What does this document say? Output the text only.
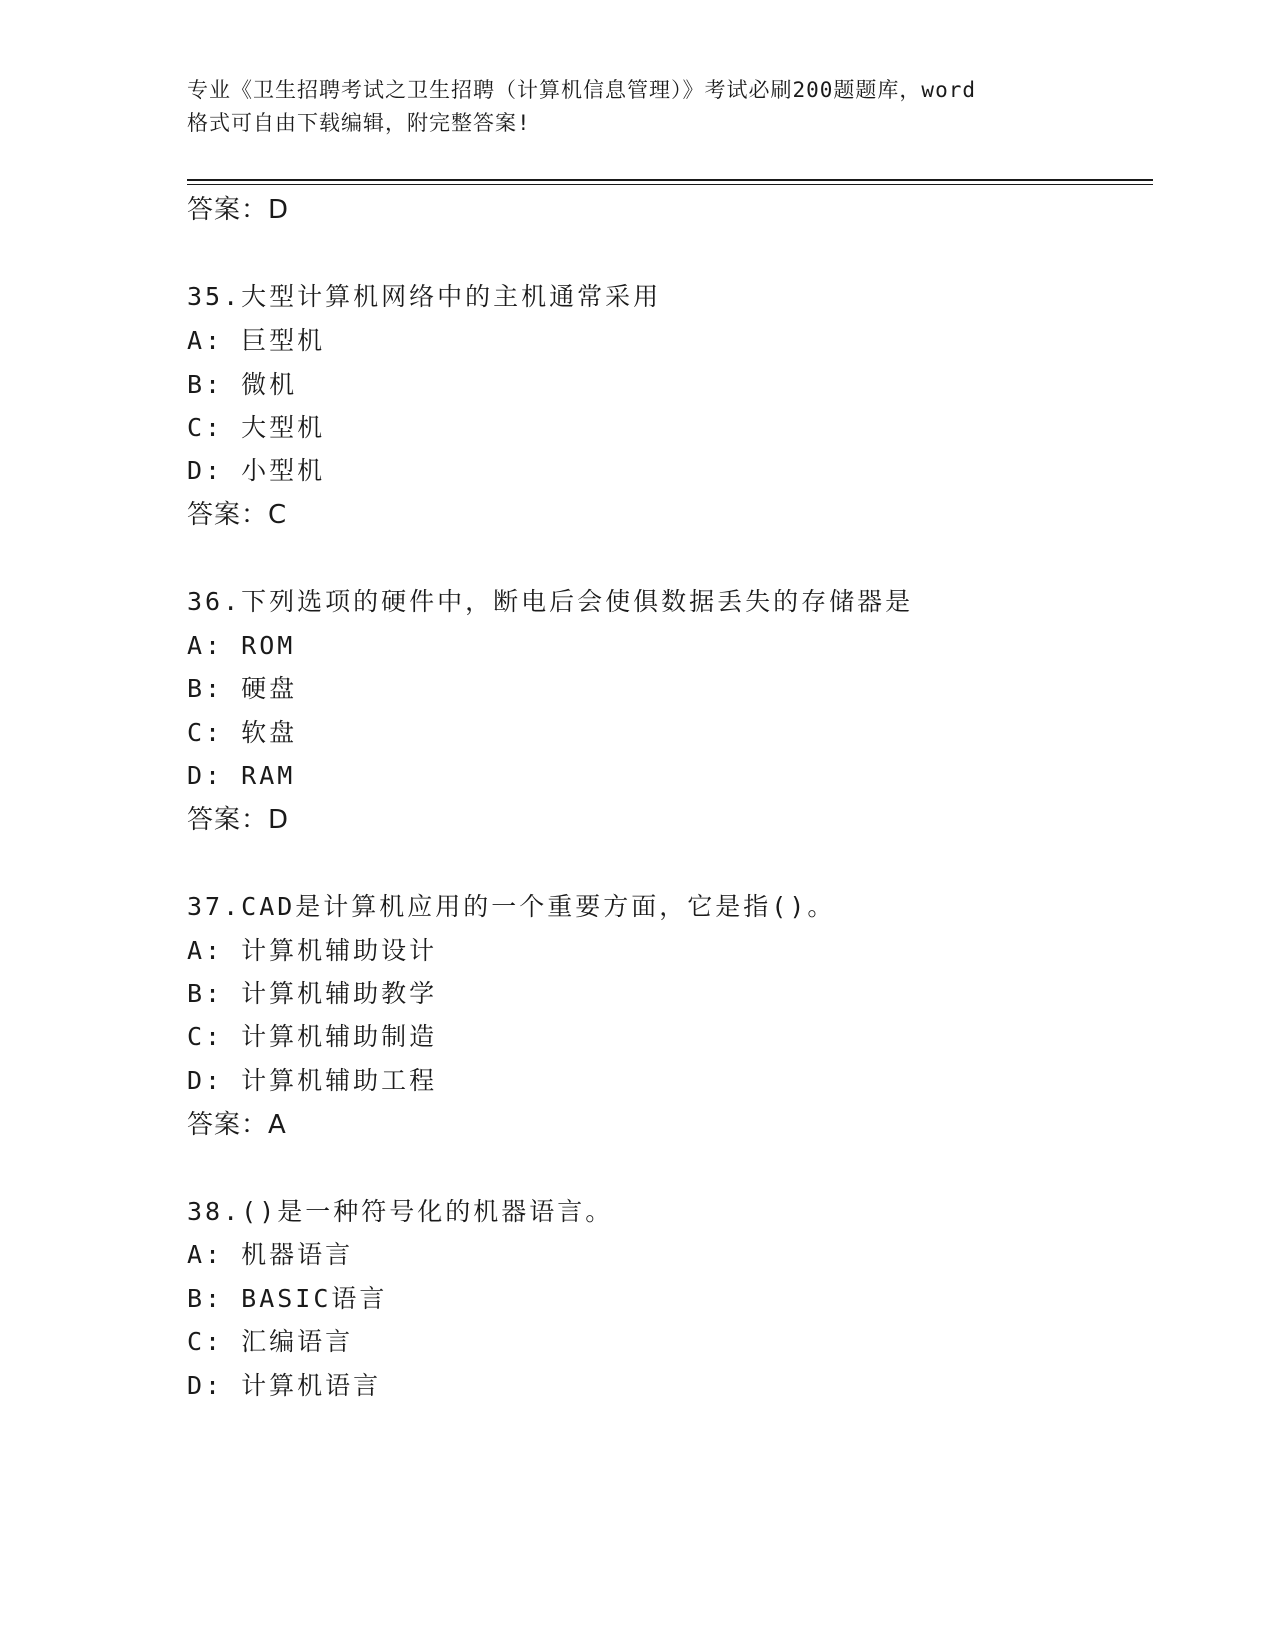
专业《卫生招聘考试之卫生招聘（计算机信息管理）》考试必刷200题题库，word
格式可自由下载编辑，附完整答案!
答案：D
35.大型计算机网络中的主机通常采用
A: 巨型机
B: 微机
C: 大型机
D: 小型机
答案：C
36.下列选项的硬件中，断电后会使俱数据丢失的存储器是
A: ROM
B: 硬盘
C: 软盘
D: RAM
答案：D
37.CAD是计算机应用的一个重要方面，它是指()。
A: 计算机辅助设计
B: 计算机辅助教学
C: 计算机辅助制造
D: 计算机辅助工程
答案：A
38.()是一种符号化的机器语言。
A: 机器语言
B: BASIC语言
C: 汇编语言
D: 计算机语言
